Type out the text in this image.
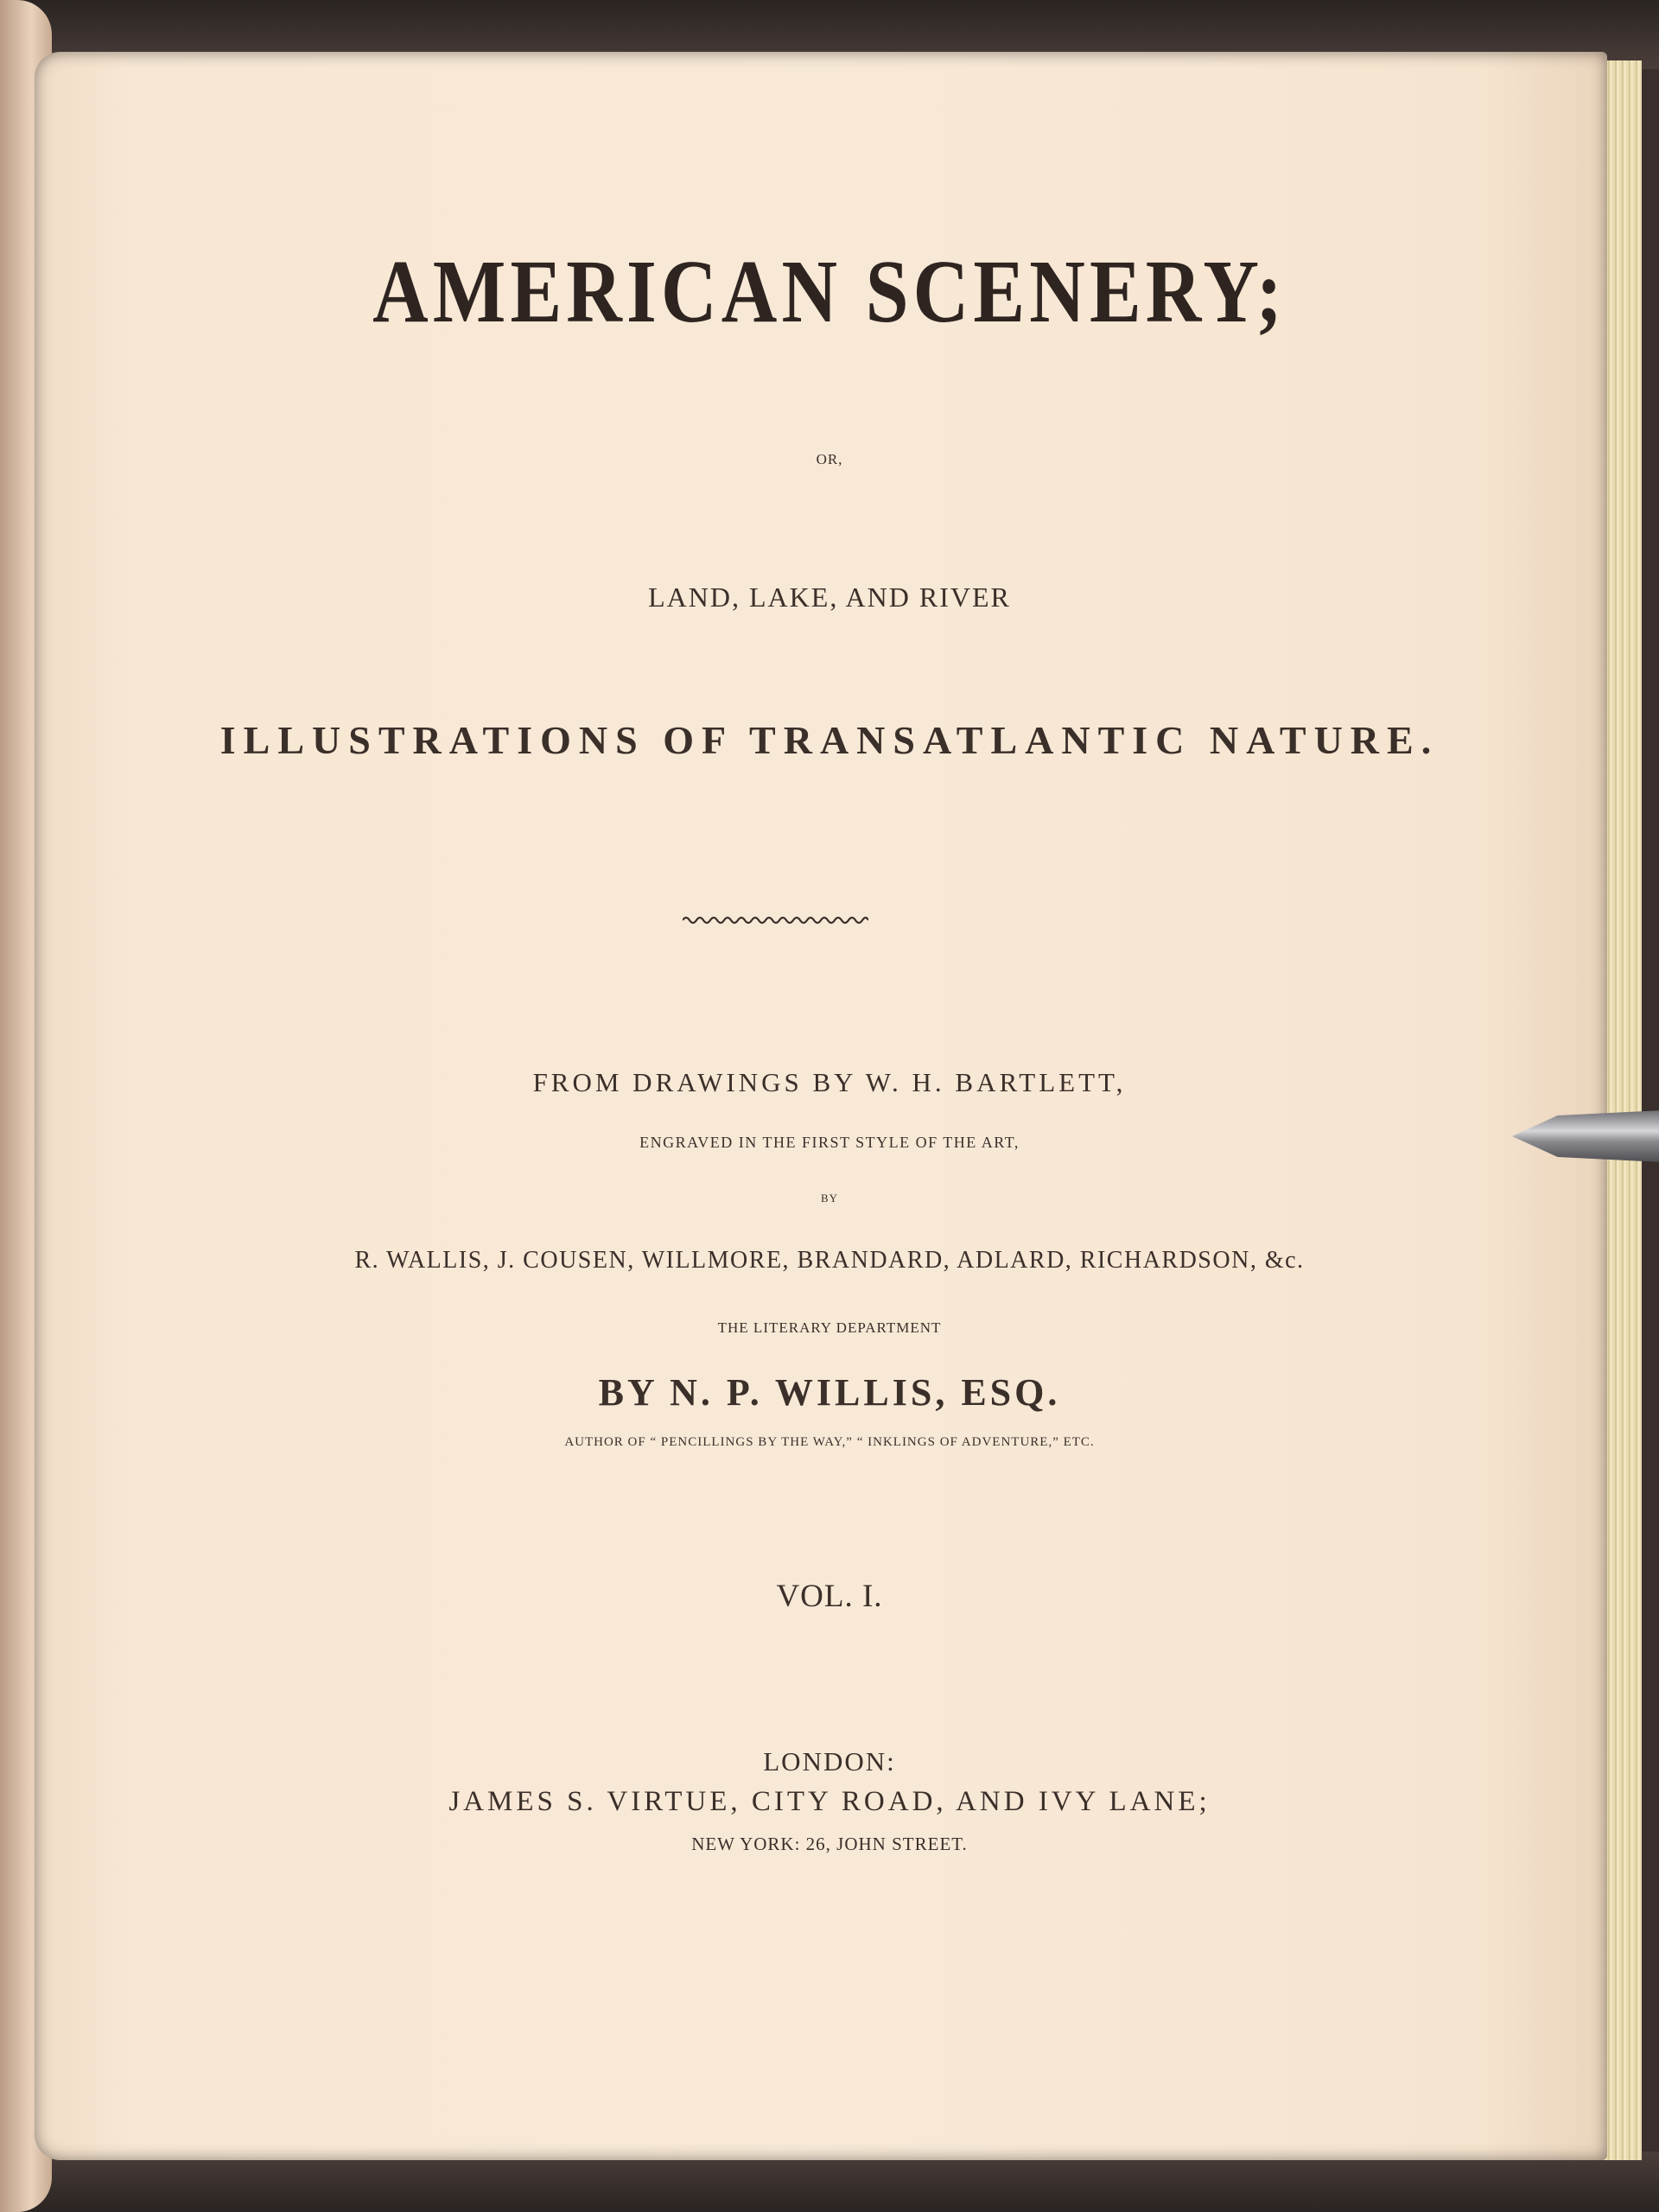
AMERICAN SCENERY;

OR,

LAND, LAKE, AND RIVER

ILLUSTRATIONS OF TRANSATLANTIC NATURE.

FROM DRAWINGS BY W. H. BARTLETT,

ENGRAVED IN THE FIRST STYLE OF THE ART,

BY

R. WALLIS, J. COUSEN, WILLMORE, BRANDARD, ADLARD, RICHARDSON, &c.

THE LITERARY DEPARTMENT

BY N. P. WILLIS, ESQ.

AUTHOR OF “ PENCILLINGS BY THE WAY,” “ INKLINGS OF ADVENTURE,” ETC.

VOL. I.

LONDON:

JAMES S. VIRTUE, CITY ROAD, AND IVY LANE;

NEW YORK: 26, JOHN STREET.
